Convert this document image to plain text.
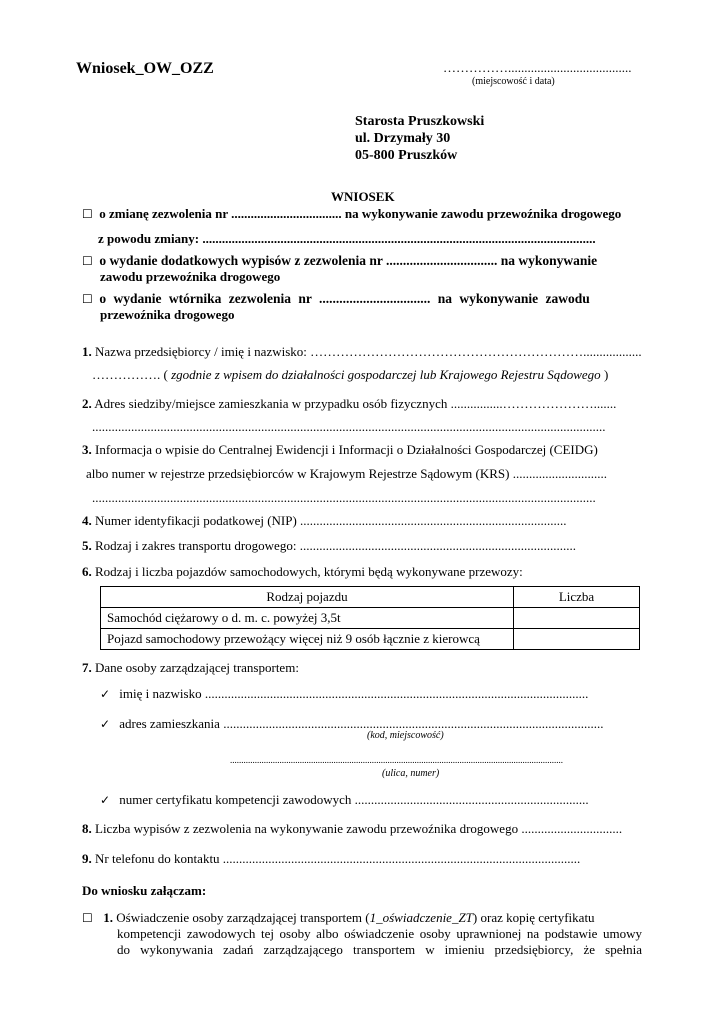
Wniosek_OW_OZZ	……………......................................
(miejscowość i data)
Starosta Pruszkowski
ul. Drzymały 30
05-800 Pruszków
WNIOSEK
☐ o zmianę zezwolenia nr .................................. na wykonywanie zawodu przewoźnika drogowego
z powodu zmiany: .........................................................................................................................
☐ o wydanie dodatkowych wypisów z zezwolenia nr ................................. na wykonywanie
zawodu przewoźnika drogowego
☐ o wydanie wtórnika zezwolenia nr ................................. na wykonywanie zawodu
przewoźnika drogowego
1. Nazwa przedsiębiorcy / imię i nazwisko: ………………………………………………………..................
……………. ( zgodnie z wpisem do działalności gospodarczej lub Krajowego Rejestru Sądowego )
2. Adres siedziby/miejsce zamieszkania w przypadku osób fizycznych ................………………….......
..............................................................................................................................................................
3. Informacja o wpisie do Centralnej Ewidencji i Informacji o Działalności Gospodarczej (CEIDG)
albo numer w rejestrze przedsiębiorców w Krajowym Rejestrze Sądowym (KRS) .............................
...........................................................................................................................................................
4. Numer identyfikacji podatkowej (NIP) ..................................................................................
5. Rodzaj i zakres transportu drogowego: .....................................................................................
6. Rodzaj i liczba pojazdów samochodowych, którymi będą wykonywane przewozy:
Rodzaj pojazdu	Liczba
Samochód ciężarowy o d. m. c. powyżej 3,5t	
Pojazd samochodowy przewożący więcej niż 9 osób łącznie z kierowcą	
7. Dane osoby zarządzającej transportem:
✓ imię i nazwisko ......................................................................................................................
✓ adres zamieszkania .....................................................................................................................
(kod, miejscowość)
....................................................................................................................................................
(ulica, numer)
✓ numer certyfikatu kompetencji zawodowych ........................................................................
8. Liczba wypisów z zezwolenia na wykonywanie zawodu przewoźnika drogowego ...............................
9. Nr telefonu do kontaktu ..............................................................................................................
Do wniosku załączam:
☐ 1. Oświadczenie osoby zarządzającej transportem (1_oświadczenie_ZT) oraz kopię certyfikatu
kompetencji zawodowych tej osoby albo oświadczenie osoby uprawnionej na podstawie umowy
do wykonywania zadań zarządzającego transportem w imieniu przedsiębiorcy, że spełnia
